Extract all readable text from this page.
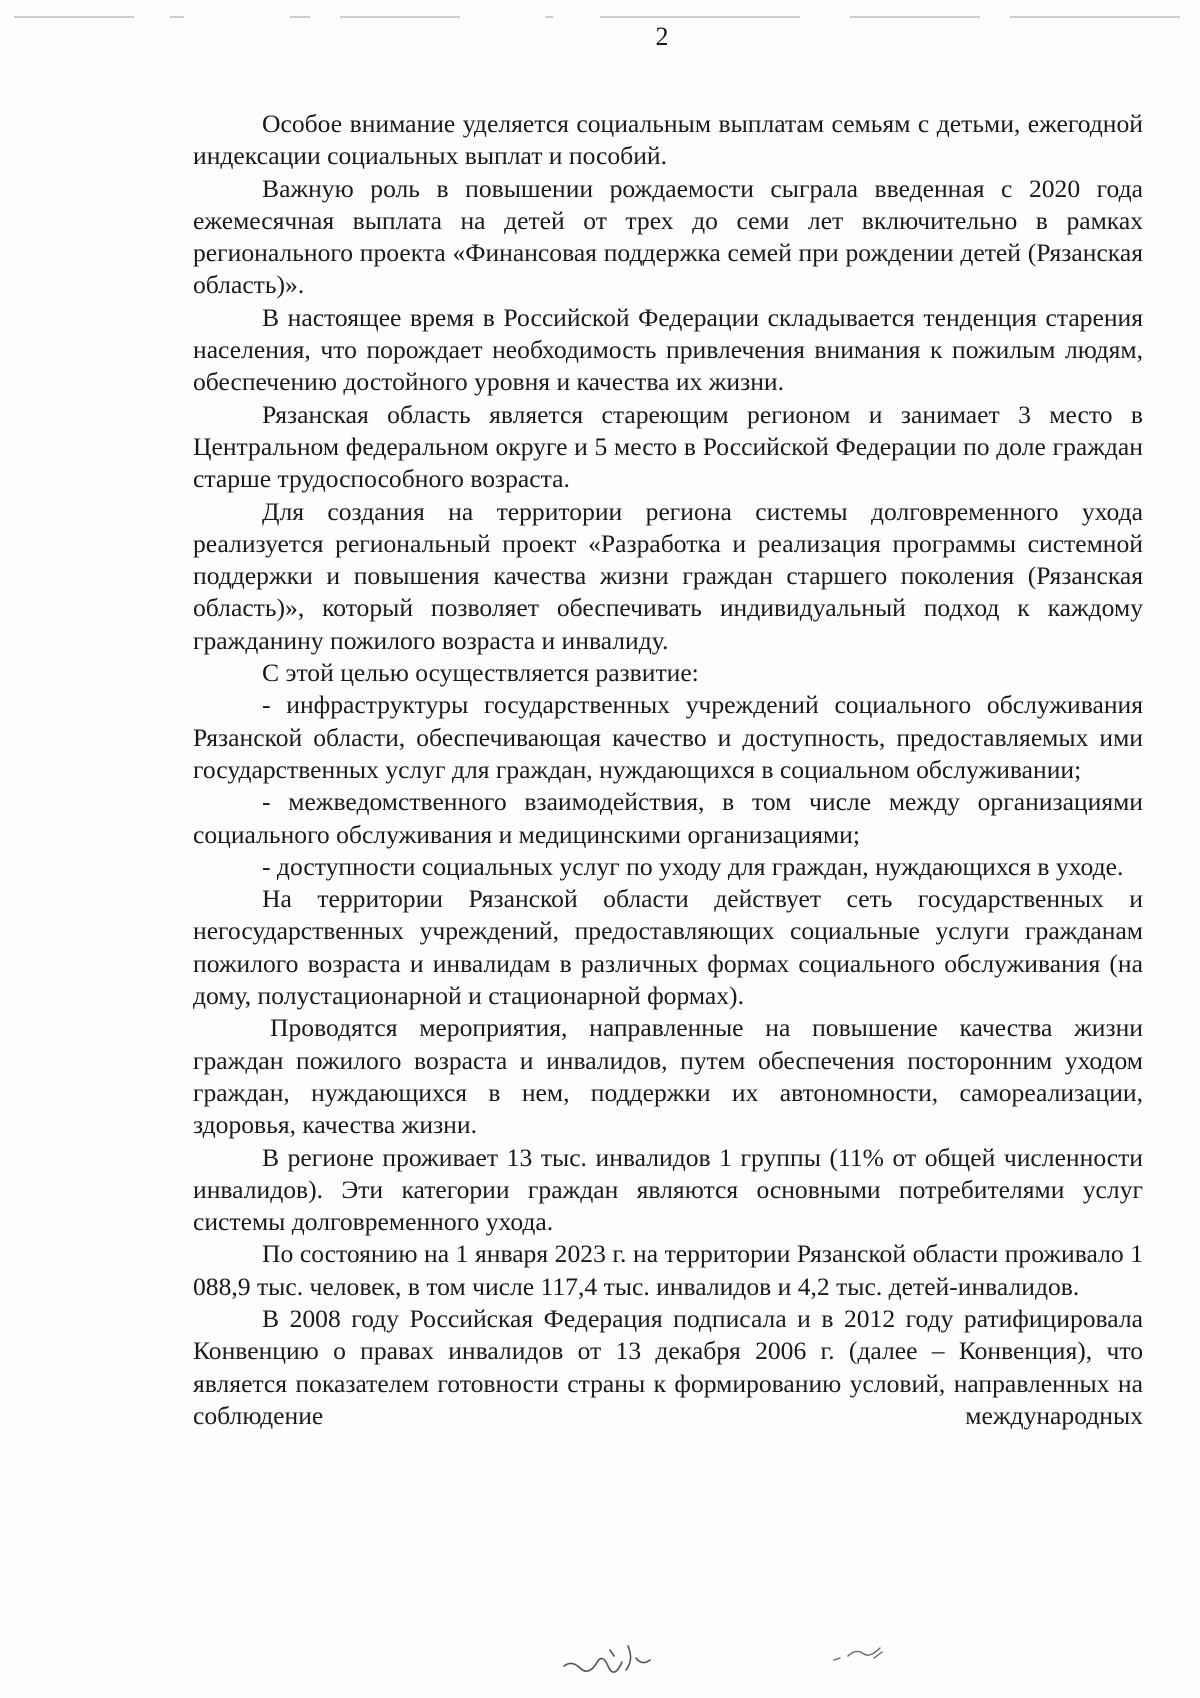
2

Особое внимание уделяется социальным выплатам семьям с детьми, ежегодной индексации социальных выплат и пособий.

Важную роль в повышении рождаемости сыграла введенная с 2020 года ежемесячная выплата на детей от трех до семи лет включительно в рамках регионального проекта «Финансовая поддержка семей при рождении детей (Рязанская область)».

В настоящее время в Российской Федерации складывается тенденция старения населения, что порождает необходимость привлечения внимания к пожилым людям, обеспечению достойного уровня и качества их жизни.

Рязанская область является стареющим регионом и занимает 3 место в Центральном федеральном округе и 5 место в Российской Федерации по доле граждан старше трудоспособного возраста.

Для создания на территории региона системы долговременного ухода реализуется региональный проект «Разработка и реализация программы системной поддержки и повышения качества жизни граждан старшего поколения (Рязанская область)», который позволяет обеспечивать индивидуальный подход к каждому гражданину пожилого возраста и инвалиду.

С этой целью осуществляется развитие:

- инфраструктуры государственных учреждений социального обслуживания Рязанской области, обеспечивающая качество и доступность, предоставляемых ими государственных услуг для граждан, нуждающихся в социальном обслуживании;

- межведомственного взаимодействия, в том числе между организациями социального обслуживания и медицинскими организациями;

- доступности социальных услуг по уходу для граждан, нуждающихся в уходе.

На территории Рязанской области действует сеть государственных и негосударственных учреждений, предоставляющих социальные услуги гражданам пожилого возраста и инвалидам в различных формах социального обслуживания (на дому, полустационарной и стационарной формах).

Проводятся мероприятия, направленные на повышение качества жизни граждан пожилого возраста и инвалидов, путем обеспечения посторонним уходом граждан, нуждающихся в нем, поддержки их автономности, самореализации, здоровья, качества жизни.

В регионе проживает 13 тыс. инвалидов 1 группы (11% от общей численности инвалидов). Эти категории граждан являются основными потребителями услуг системы долговременного ухода.

По состоянию на 1 января 2023 г. на территории Рязанской области проживало 1 088,9 тыс. человек, в том числе 117,4 тыс. инвалидов и 4,2 тыс. детей-инвалидов.

В 2008 году Российская Федерация подписала и в 2012 году ратифицировала Конвенцию о правах инвалидов от 13 декабря 2006 г. (далее – Конвенция), что является показателем готовности страны к формированию условий, направленных на соблюдение международных
